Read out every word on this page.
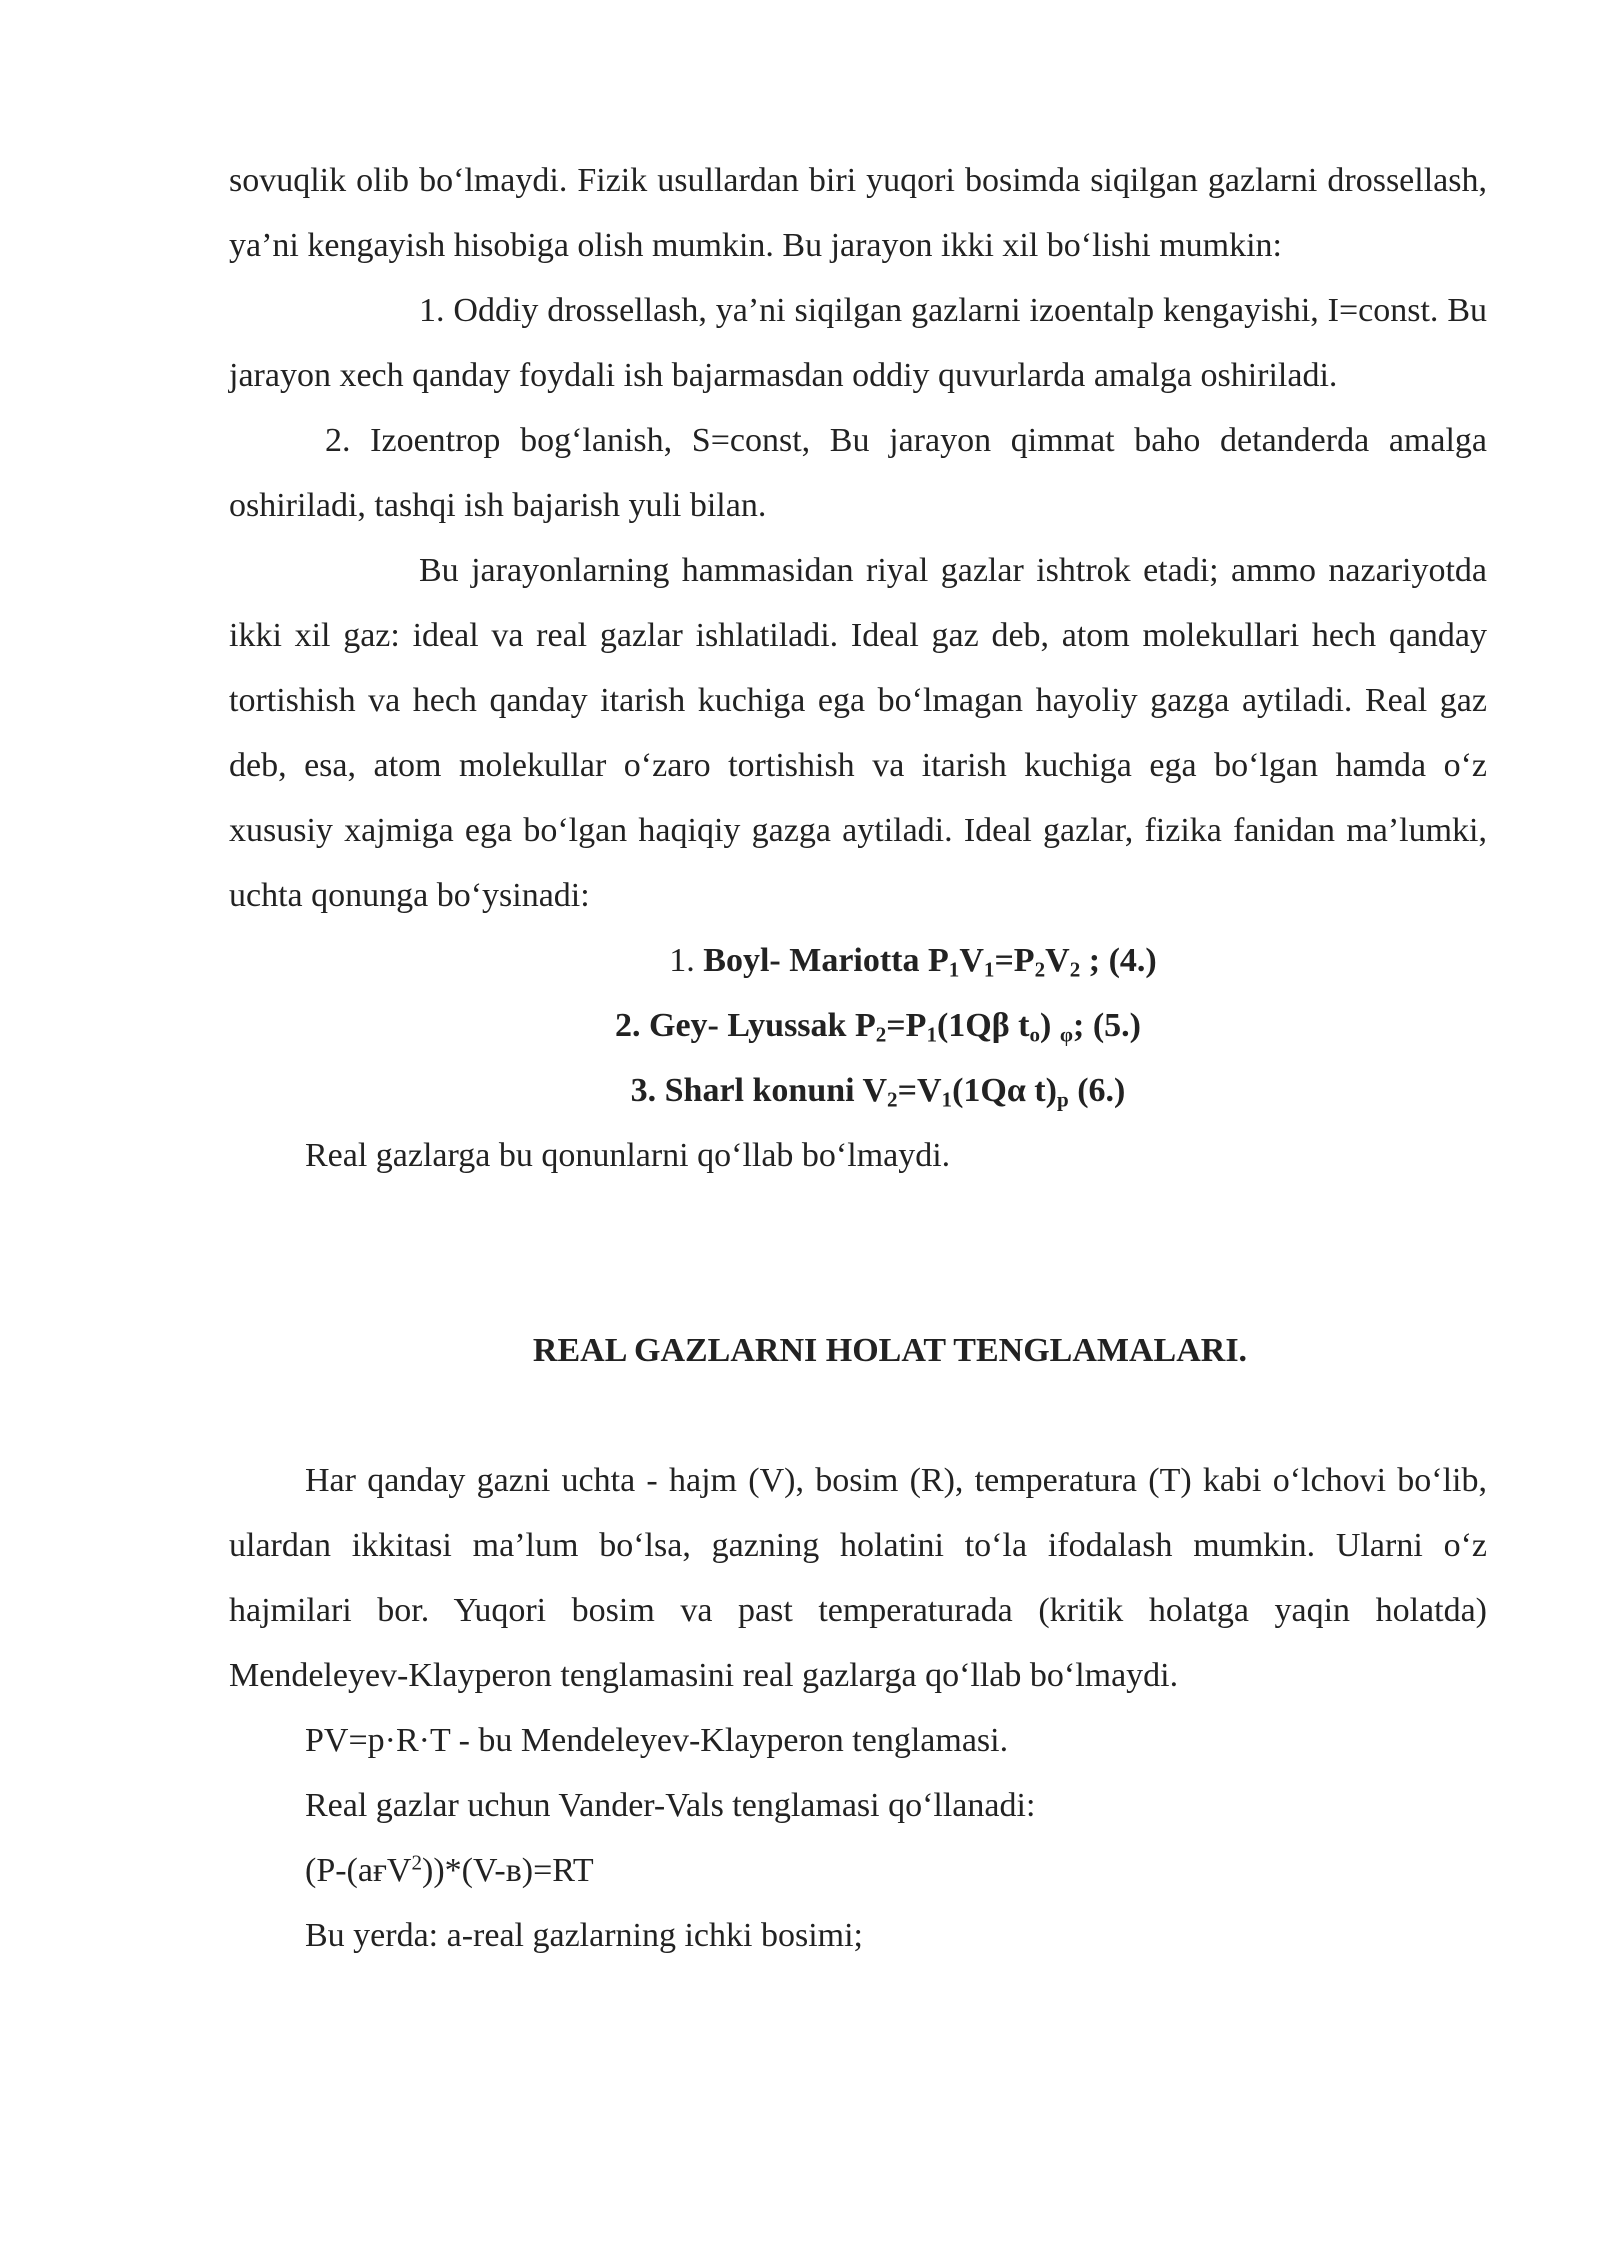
sovuqlik olib bo‘lmaydi. Fizik usullardan biri yuqori bosimda siqilgan gazlarni drossellash, ya’ni kengayish hisobiga olish mumkin. Bu jarayon ikki xil bo‘lishi mumkin:

1. Oddiy drossellash, ya’ni siqilgan gazlarni izoentalp kengayishi, I=const. Bu jarayon xech qanday foydali ish bajarmasdan oddiy quvurlarda amalga oshiriladi.

2. Izoentrop bog‘lanish, S=const, Bu jarayon qimmat baho detanderda amalga oshiriladi, tashqi ish bajarish yuli bilan.

Bu jarayonlarning hammasidan riyal gazlar ishtrok etadi; ammo nazariyotda ikki xil gaz: ideal va real gazlar ishlatiladi. Ideal gaz deb, atom molekullari hech qanday tortishish va hech qanday itarish kuchiga ega bo‘lmagan hayoliy gazga aytiladi. Real gaz deb, esa, atom molekullar o‘zaro tortishish va itarish kuchiga ega bo‘lgan hamda o‘z xususiy xajmiga ega bo‘lgan haqiqiy gazga aytiladi. Ideal gazlar, fizika fanidan ma’lumki, uchta qonunga bo‘ysinadi:

1. Boyl- Mariotta $P_1V_1=P_2V_2$ ; (4.)

2. Gey- Lyussak $P_2=P_1(1Q\beta$ $t_o$) $_\varphi$; (5.)

3. Sharl konuni $V_2=V_1(1Q\alpha$ $t)_p$ (6.)

Real gazlarga bu qonunlarni qo‘llab bo‘lmaydi.

REAL GAZLARNI HOLAT TENGLAMALARI.

Har qanday gazni uchta - hajm (V), bosim (R), temperatura (T) kabi o‘lchovi bo‘lib, ulardan ikkitasi ma’lum bo‘lsa, gazning holatini to‘la ifodalash mumkin. Ularni o‘z hajmilari bor. Yuqori bosim va past temperaturada (kritik holatga yaqin holatda) Mendeleyev-Klayperon tenglamasini real gazlarga qo‘llab bo‘lmaydi.

PV=p·R·T - bu Mendeleyev-Klayperon tenglamasi.

Real gazlar uchun Vander-Vals tenglamasi qo‘llanadi:

(P-(aғV$^2$))*(V-в)=RT

Bu yerda: a-real gazlarning ichki bosimi;
